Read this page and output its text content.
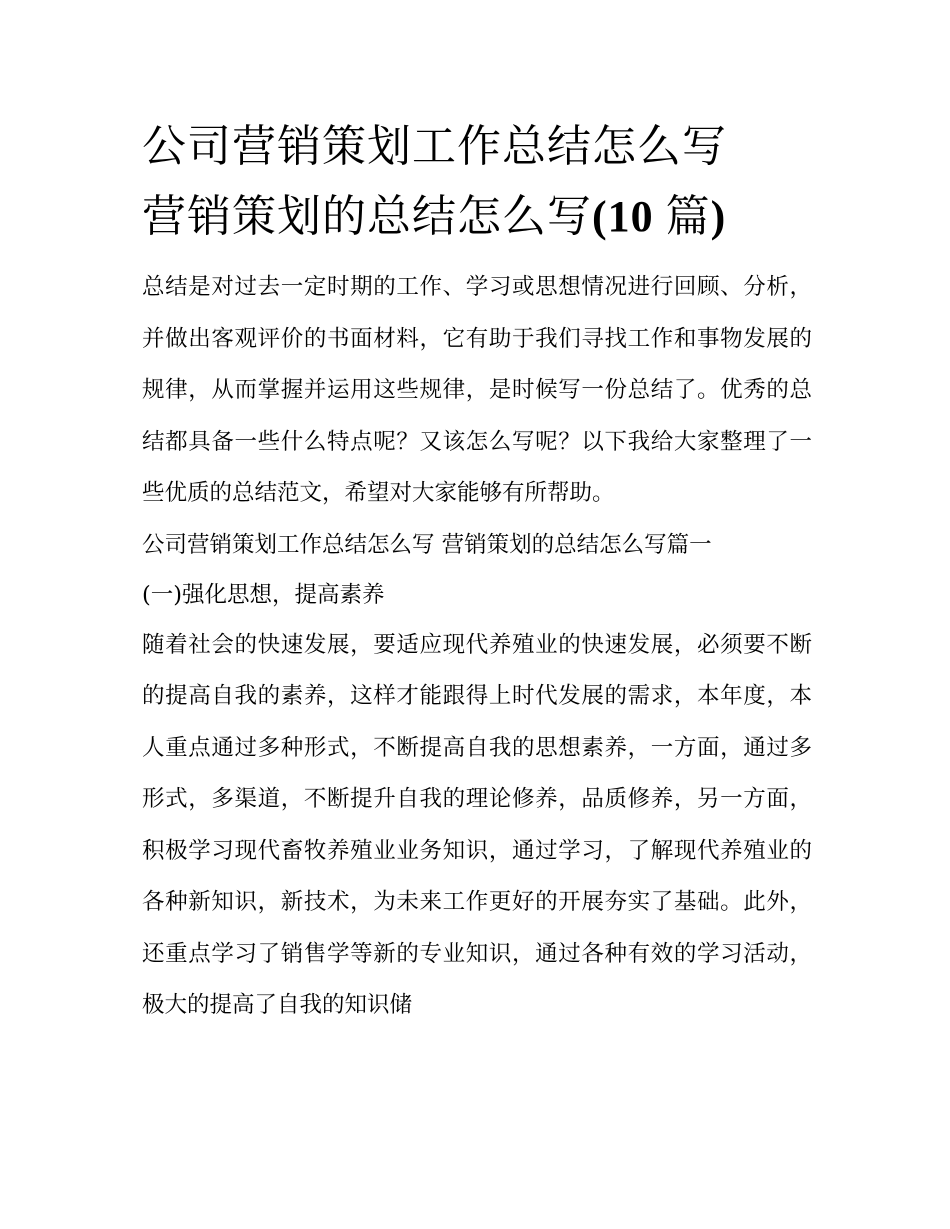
公司营销策划工作总结怎么写
营销策划的总结怎么写(10 篇)

总结是对过去一定时期的工作、学习或思想情况进行回顾、分析，并做出客观评价的书面材料，它有助于我们寻找工作和事物发展的规律，从而掌握并运用这些规律，是时候写一份总结了。优秀的总结都具备一些什么特点呢？又该怎么写呢？以下我给大家整理了一些优质的总结范文，希望对大家能够有所帮助。

公司营销策划工作总结怎么写 营销策划的总结怎么写篇一

(一)强化思想，提高素养

随着社会的快速发展，要适应现代养殖业的快速发展，必须要不断的提高自我的素养，这样才能跟得上时代发展的需求，本年度，本人重点通过多种形式，不断提高自我的思想素养，一方面，通过多形式，多渠道，不断提升自我的理论修养，品质修养，另一方面，积极学习现代畜牧养殖业业务知识，通过学习，了解现代养殖业的各种新知识，新技术，为未来工作更好的开展夯实了基础。此外，还重点学习了销售学等新的专业知识，通过各种有效的学习活动，极大的提高了自我的知识储
